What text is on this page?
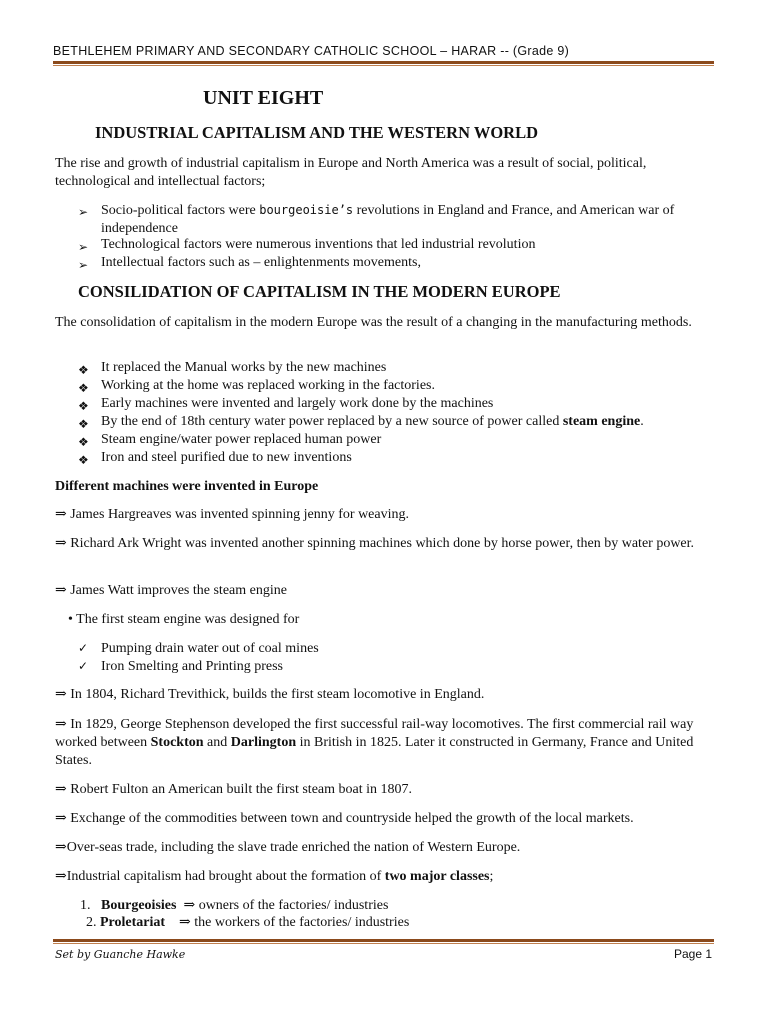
BETHLEHEM PRIMARY AND SECONDARY CATHOLIC SCHOOL – HARAR -- (Grade 9)
UNIT EIGHT
INDUSTRIAL CAPITALISM AND THE WESTERN WORLD
The rise and growth of industrial capitalism in Europe and North America was a result of social, political, technological and intellectual factors;
➢ Socio-political factors were bourgeoisie’s revolutions in England and France, and American war of independence
➢ Technological factors were numerous inventions that led industrial revolution
➢ Intellectual factors such as – enlightenments movements,
CONSILIDATION OF CAPITALISM IN THE MODERN EUROPE
The consolidation of capitalism in the modern Europe was the result of a changing in the manufacturing methods.
❖ It replaced the Manual works by the new machines
❖ Working at the home was replaced working in the factories.
❖ Early machines were invented and largely work done by the machines
❖ By the end of 18th century water power replaced by a new source of power called steam engine.
❖ Steam engine/water power replaced human power
❖ Iron and steel purified due to new inventions
Different machines were invented in Europe
⇒ James Hargreaves was invented spinning jenny for weaving.
⇒ Richard Ark Wright was invented another spinning machines which done by horse power, then by water power.
⇒ James Watt improves the steam engine
• The first steam engine was designed for
✓ Pumping drain water out of coal mines
✓ Iron Smelting and Printing press
⇒ In 1804, Richard Trevithick, builds the first steam locomotive in England.
⇒ In 1829, George Stephenson developed the first successful rail-way locomotives. The first commercial rail way worked between Stockton and Darlington in British in 1825. Later it constructed in Germany, France and United States.
⇒ Robert Fulton an American built the first steam boat in 1807.
⇒ Exchange of the commodities between town and countryside helped the growth of the local markets.
⇒Over-seas trade, including the slave trade enriched the nation of Western Europe.
⇒Industrial capitalism had brought about the formation of two major classes;
1. Bourgeoisies ⇒ owners of the factories/ industries
2. Proletariat ⇒ the workers of the factories/ industries
Set by Guanche Hawke	Page 1
